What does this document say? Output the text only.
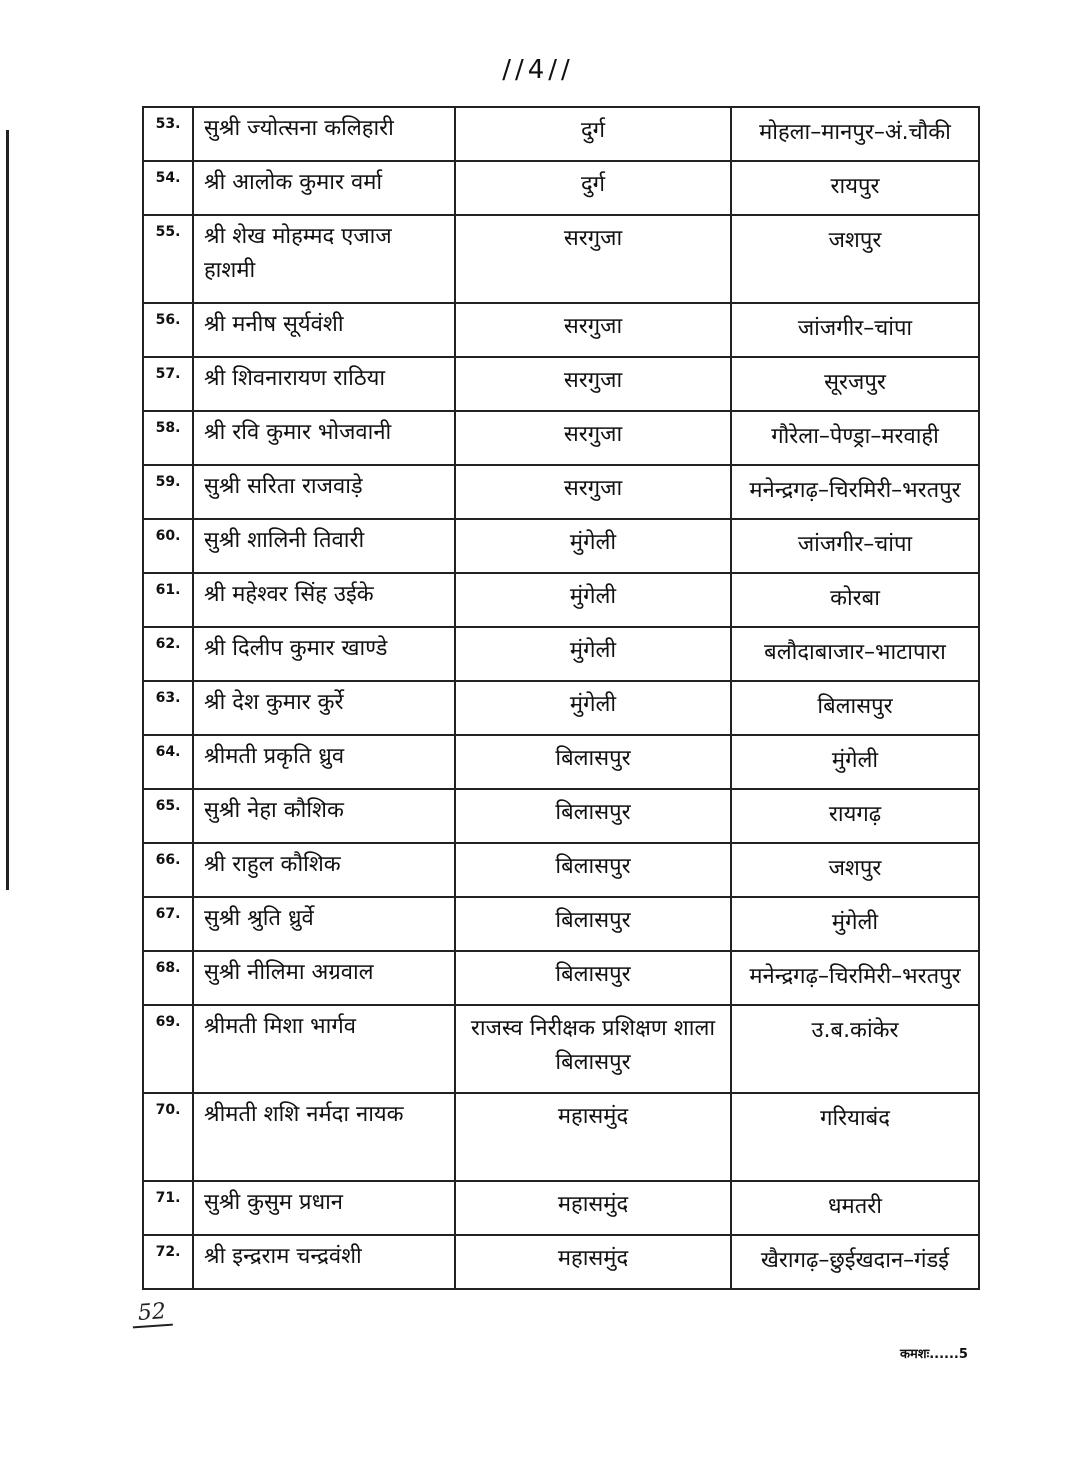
//4//
53.	सुश्री ज्योत्सना कलिहारी	दुर्ग	मोहला–मानपुर–अं.चौकी
54.	श्री आलोक कुमार वर्मा	दुर्ग	रायपुर
55.	श्री शेख मोहम्मद एजाज हाशमी	सरगुजा	जशपुर
56.	श्री मनीष सूर्यवंशी	सरगुजा	जांजगीर–चांपा
57.	श्री शिवनारायण राठिया	सरगुजा	सूरजपुर
58.	श्री रवि कुमार भोजवानी	सरगुजा	गौरेला–पेण्ड्रा–मरवाही
59.	सुश्री सरिता राजवाड़े	सरगुजा	मनेन्द्रगढ़–चिरमिरी–भरतपुर
60.	सुश्री शालिनी तिवारी	मुंगेली	जांजगीर–चांपा
61.	श्री महेश्वर सिंह उईके	मुंगेली	कोरबा
62.	श्री दिलीप कुमार खाण्डे	मुंगेली	बलौदाबाजार–भाटापारा
63.	श्री देश कुमार कुर्रे	मुंगेली	बिलासपुर
64.	श्रीमती प्रकृति ध्रुव	बिलासपुर	मुंगेली
65.	सुश्री नेहा कौशिक	बिलासपुर	रायगढ़
66.	श्री राहुल कौशिक	बिलासपुर	जशपुर
67.	सुश्री श्रुति ध्रुर्वे	बिलासपुर	मुंगेली
68.	सुश्री नीलिमा अग्रवाल	बिलासपुर	मनेन्द्रगढ़–चिरमिरी–भरतपुर
69.	श्रीमती मिशा भार्गव	राजस्व निरीक्षक प्रशिक्षण शाला बिलासपुर	उ.ब.कांकेर
70.	श्रीमती शशि नर्मदा नायक	महासमुंद	गरियाबंद
71.	सुश्री कुसुम प्रधान	महासमुंद	धमतरी
72.	श्री इन्द्रराम चन्द्रवंशी	महासमुंद	खैरागढ़–छुईखदान–गंडई
52
कमशः......5
